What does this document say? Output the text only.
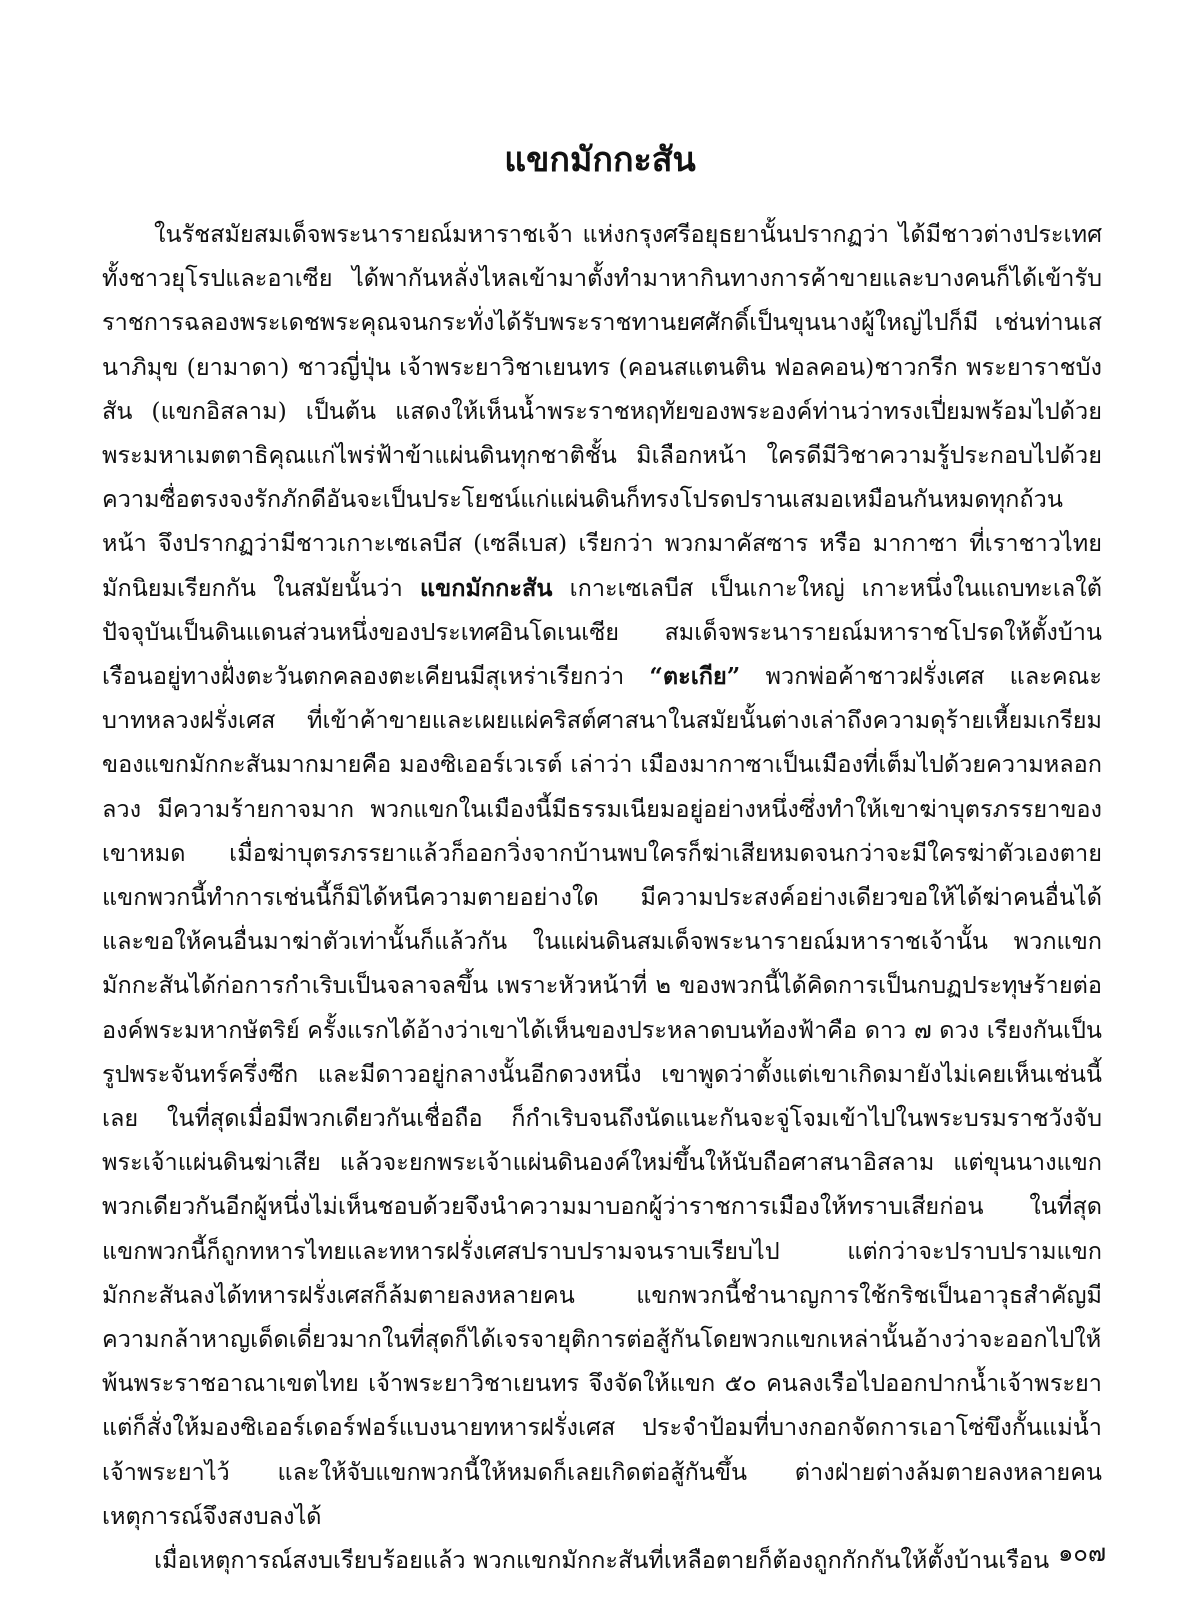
แขกมักกะสัน

ในรัชสมัยสมเด็จพระนารายณ์มหาราชเจ้า แห่งกรุงศรีอยุธยานั้นปรากฏว่า ได้มีชาวต่างประเทศทั้งชาวยุโรปและอาเซีย ได้พากันหลั่งไหลเข้ามาตั้งทำมาหากินทางการค้าขายและบางคนก็ได้เข้ารับราชการฉลองพระเดชพระคุณจนกระทั่งได้รับพระราชทานยศศักดิ์เป็นขุนนางผู้ใหญ่ไปก็มี เช่นท่านเสนาภิมุข (ยามาดา) ชาวญี่ปุ่น เจ้าพระยาวิชาเยนทร (คอนสแตนติน ฟอลคอน)ชาวกรีก พระยาราชบังสัน (แขกอิสลาม) เป็นต้น แสดงให้เห็นน้ำพระราชหฤทัยของพระองค์ท่านว่าทรงเปี่ยมพร้อมไปด้วยพระมหาเมตตาธิคุณแก่ไพร่ฟ้าข้าแผ่นดินทุกชาติชั้น มิเลือกหน้า ใครดีมีวิชาความรู้ประกอบไปด้วยความซื่อตรงจงรักภักดีอันจะเป็นประโยชน์แก่แผ่นดินก็ทรงโปรดปรานเสมอเหมือนกันหมดทุกถ้วนหน้า จึงปรากฏว่ามีชาวเกาะเซเลบีส (เซลีเบส) เรียกว่า พวกมาคัสซาร หรือ มากาซา ที่เราชาวไทยมักนิยมเรียกกัน ในสมัยนั้นว่า แขกมักกะสัน เกาะเซเลบีส เป็นเกาะใหญ่ เกาะหนึ่งในแถบทะเลใต้ ปัจจุบันเป็นดินแดนส่วนหนึ่งของประเทศอินโดเนเซีย สมเด็จพระนารายณ์มหาราชโปรดให้ตั้งบ้านเรือนอยู่ทางฝั่งตะวันตกคลองตะเคียนมีสุเหร่าเรียกว่า “ตะเกีย” พวกพ่อค้าชาวฝรั่งเศส และคณะบาทหลวงฝรั่งเศส ที่เข้าค้าขายและเผยแผ่คริสต์ศาสนาในสมัยนั้นต่างเล่าถึงความดุร้ายเหี้ยมเกรียมของแขกมักกะสันมากมายคือ มองซิเออร์เวเรต์ เล่าว่า เมืองมากาซาเป็นเมืองที่เต็มไปด้วยความหลอกลวง มีความร้ายกาจมาก พวกแขกในเมืองนี้มีธรรมเนียมอยู่อย่างหนึ่งซึ่งทำให้เขาฆ่าบุตรภรรยาของเขาหมด เมื่อฆ่าบุตรภรรยาแล้วก็ออกวิ่งจากบ้านพบใครก็ฆ่าเสียหมดจนกว่าจะมีใครฆ่าตัวเองตาย แขกพวกนี้ทำการเช่นนี้ก็มิได้หนีความตายอย่างใด มีความประสงค์อย่างเดียวขอให้ได้ฆ่าคนอื่นได้ และขอให้คนอื่นมาฆ่าตัวเท่านั้นก็แล้วกัน ในแผ่นดินสมเด็จพระนารายณ์มหาราชเจ้านั้น พวกแขกมักกะสันได้ก่อการกำเริบเป็นจลาจลขึ้น เพราะหัวหน้าที่ ๒ ของพวกนี้ได้คิดการเป็นกบฏประทุษร้ายต่อองค์พระมหากษัตริย์ ครั้งแรกได้อ้างว่าเขาได้เห็นของประหลาดบนท้องฟ้าคือ ดาว ๗ ดวง เรียงกันเป็นรูปพระจันทร์ครึ่งซีก และมีดาวอยู่กลางนั้นอีกดวงหนึ่ง เขาพูดว่าตั้งแต่เขาเกิดมายังไม่เคยเห็นเช่นนี้เลย ในที่สุดเมื่อมีพวกเดียวกันเชื่อถือ ก็กำเริบจนถึงนัดแนะกันจะจู่โจมเข้าไปในพระบรมราชวังจับพระเจ้าแผ่นดินฆ่าเสีย แล้วจะยกพระเจ้าแผ่นดินองค์ใหม่ขึ้นให้นับถือศาสนาอิสลาม แต่ขุนนางแขกพวกเดียวกันอีกผู้หนึ่งไม่เห็นชอบด้วยจึงนำความมาบอกผู้ว่าราชการเมืองให้ทราบเสียก่อน ในที่สุดแขกพวกนี้ก็ถูกทหารไทยและทหารฝรั่งเศสปราบปรามจนราบเรียบไป แต่กว่าจะปราบปรามแขกมักกะสันลงได้ทหารฝรั่งเศสก็ล้มตายลงหลายคน แขกพวกนี้ชำนาญการใช้กริชเป็นอาวุธสำคัญมีความกล้าหาญเด็ดเดี่ยวมากในที่สุดก็ได้เจรจายุติการต่อสู้กันโดยพวกแขกเหล่านั้นอ้างว่าจะออกไปให้พ้นพระราชอาณาเขตไทย เจ้าพระยาวิชาเยนทร จึงจัดให้แขก ๕๐ คนลงเรือไปออกปากน้ำเจ้าพระยา แต่ก็สั่งให้มองซิเออร์เดอร์ฟอร์แบงนายทหารฝรั่งเศส ประจำป้อมที่บางกอกจัดการเอาโซ่ขึงกั้นแม่น้ำเจ้าพระยาไว้ และให้จับแขกพวกนี้ให้หมดก็เลยเกิดต่อสู้กันขึ้น ต่างฝ่ายต่างล้มตายลงหลายคน เหตุการณ์จึงสงบลงได้

เมื่อเหตุการณ์สงบเรียบร้อยแล้ว พวกแขกมักกะสันที่เหลือตายก็ต้องถูกกักกันให้ตั้งบ้านเรือน ๑๐๗
